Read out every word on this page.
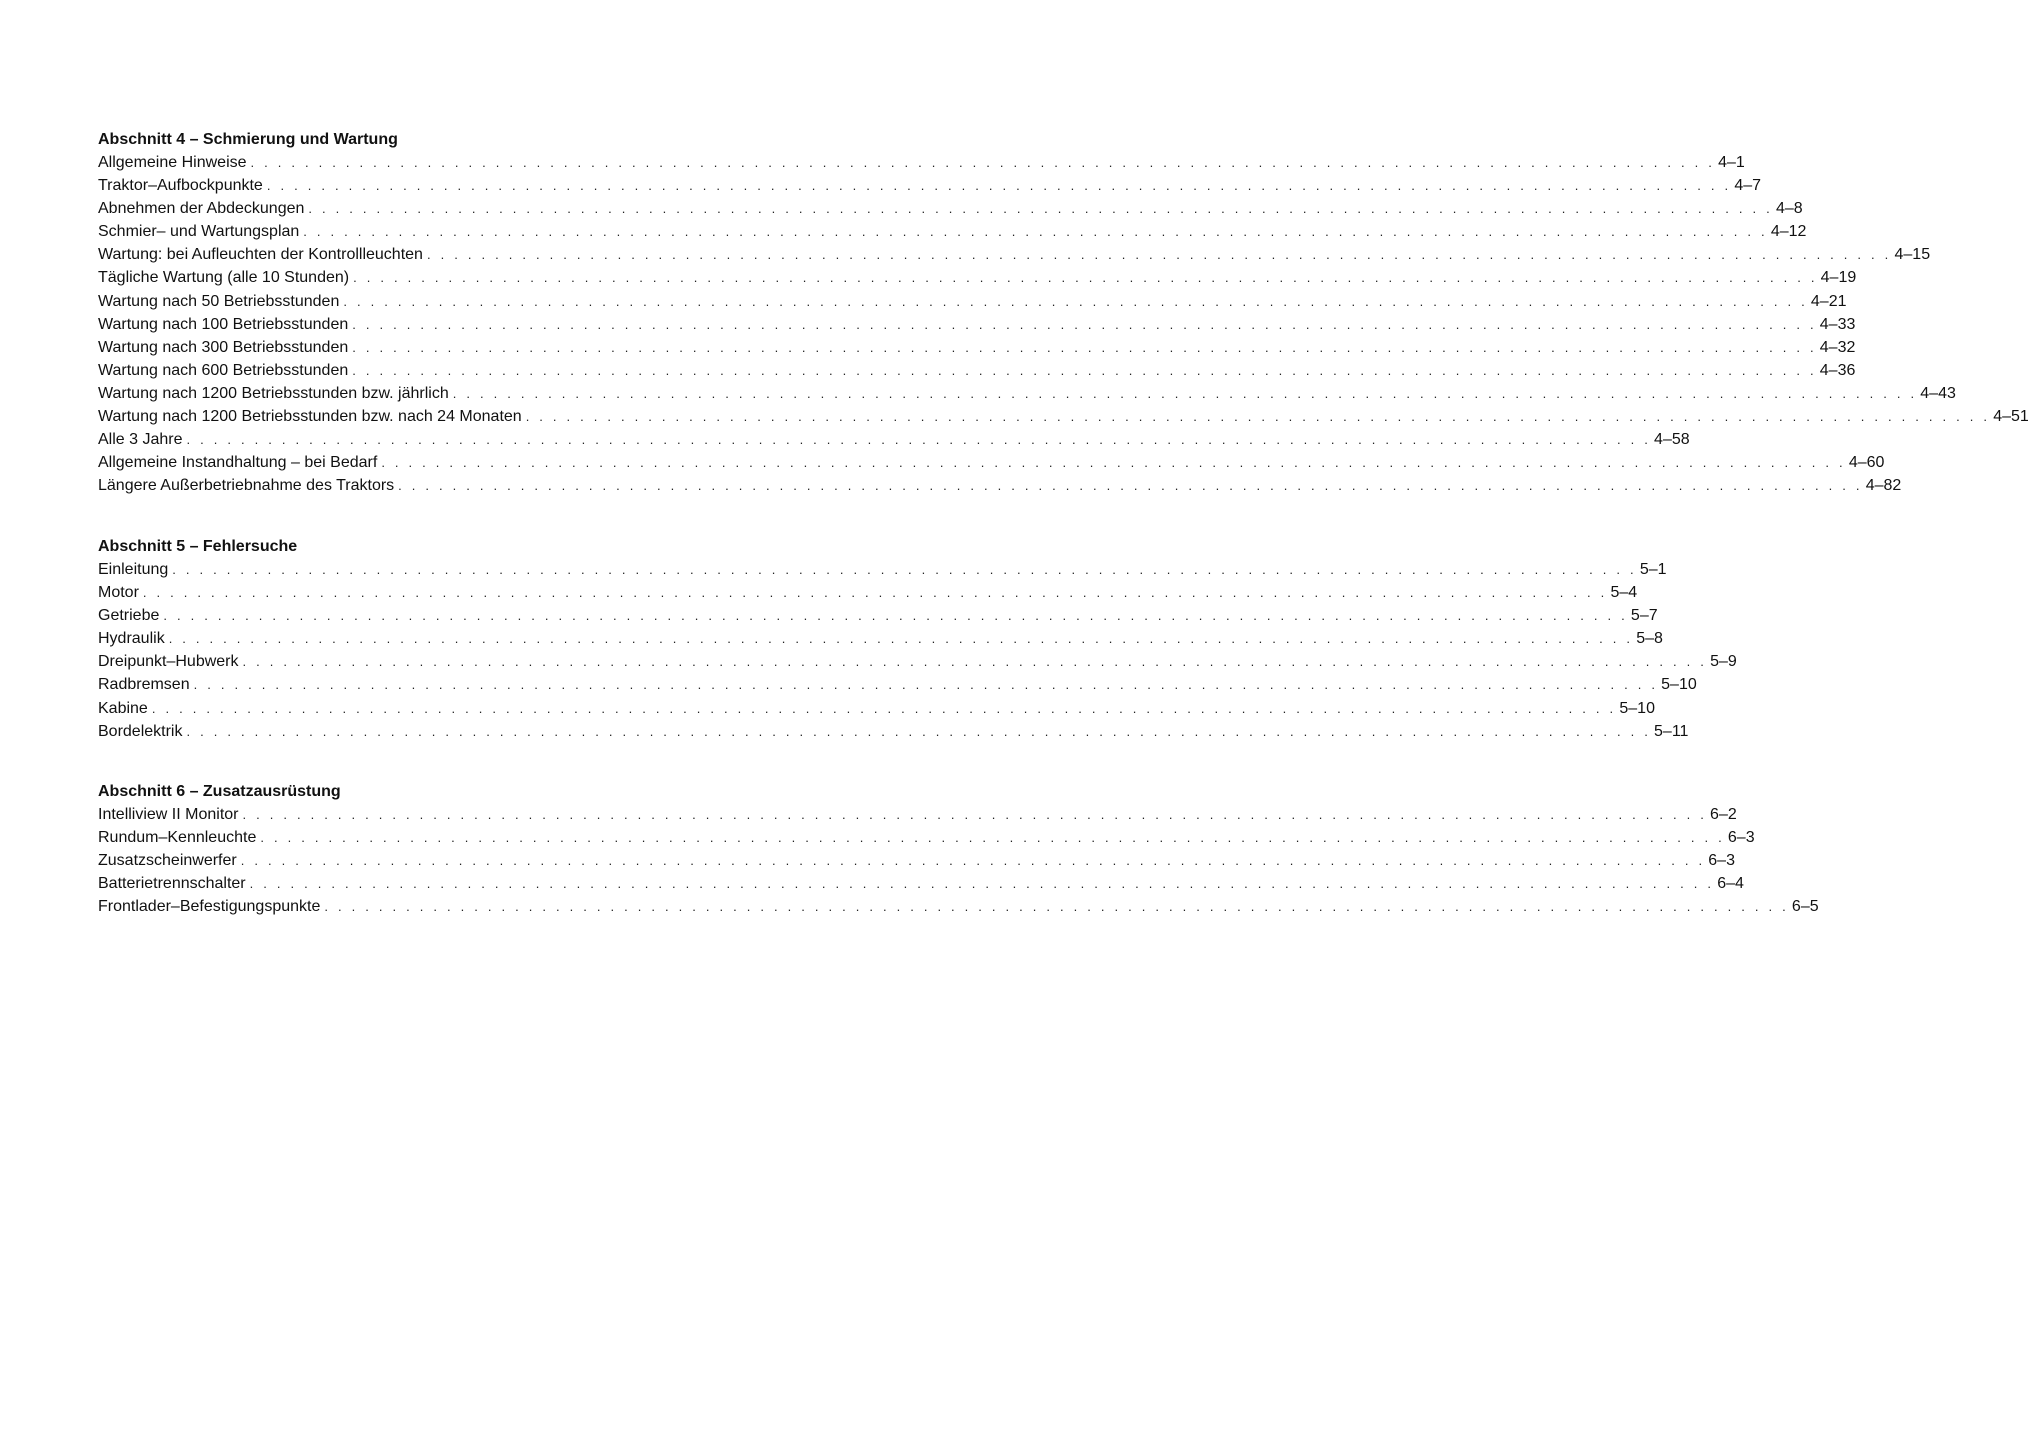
Abschnitt 4 – Schmierung und Wartung
Allgemeine Hinweise . . . . . . . . . . . . . . . . . . . . . . . . . . . . . . . . . . . . . . . . . . . . . . . . . . . . . . . . . . . . . . . . . . . . . . . . . . . . . . . . . . . . . . . . . . . . . . . . . . . . . . . . . . . . 4–1
Traktor–Aufbockpunkte . . . . . . . . . . . . . . . . . . . . . . . . . . . . . . . . . . . . . . . . . . . . . . . . . . . . . . . . . . . . . . . . . . . . . . . . . . . . . . . . . . . . . . . . . . . . . . . . . . . . . . . . . . . . 4–7
Abnehmen der Abdeckungen . . . . . . . . . . . . . . . . . . . . . . . . . . . . . . . . . . . . . . . . . . . . . . . . . . . . . . . . . . . . . . . . . . . . . . . . . . . . . . . . . . . . . . . . . . . . . . . . . . . . . . . . . . . . 4–8
Schmier– und Wartungsplan . . . . . . . . . . . . . . . . . . . . . . . . . . . . . . . . . . . . . . . . . . . . . . . . . . . . . . . . . . . . . . . . . . . . . . . . . . . . . . . . . . . . . . . . . . . . . . . . . . . . . . . . . . . . 4–12
Wartung: bei Aufleuchten der Kontrollleuchten . . . . . . . . . . . . . . . . . . . . . . . . . . . . . . . . . . . . . . . . . . . . . . . . . . . . . . . . . . . . . . . . . . . . . . . . . . . . . . . . . . . . . . . . . . . . . . . . . . . . . . . . . . . . 4–15
Tägliche Wartung (alle 10 Stunden) . . . . . . . . . . . . . . . . . . . . . . . . . . . . . . . . . . . . . . . . . . . . . . . . . . . . . . . . . . . . . . . . . . . . . . . . . . . . . . . . . . . . . . . . . . . . . . . . . . . . . . . . . . . . 4–19
Wartung nach 50 Betriebsstunden . . . . . . . . . . . . . . . . . . . . . . . . . . . . . . . . . . . . . . . . . . . . . . . . . . . . . . . . . . . . . . . . . . . . . . . . . . . . . . . . . . . . . . . . . . . . . . . . . . . . . . . . . . . . 4–21
Wartung nach 100 Betriebsstunden . . . . . . . . . . . . . . . . . . . . . . . . . . . . . . . . . . . . . . . . . . . . . . . . . . . . . . . . . . . . . . . . . . . . . . . . . . . . . . . . . . . . . . . . . . . . . . . . . . . . . . . . . . . . 4–33
Wartung nach 300 Betriebsstunden . . . . . . . . . . . . . . . . . . . . . . . . . . . . . . . . . . . . . . . . . . . . . . . . . . . . . . . . . . . . . . . . . . . . . . . . . . . . . . . . . . . . . . . . . . . . . . . . . . . . . . . . . . . . 4–32
Wartung nach 600 Betriebsstunden . . . . . . . . . . . . . . . . . . . . . . . . . . . . . . . . . . . . . . . . . . . . . . . . . . . . . . . . . . . . . . . . . . . . . . . . . . . . . . . . . . . . . . . . . . . . . . . . . . . . . . . . . . . . 4–36
Wartung nach 1200 Betriebsstunden bzw. jährlich . . . . . . . . . . . . . . . . . . . . . . . . . . . . . . . . . . . . . . . . . . . . . . . . . . . . . . . . . . . . . . . . . . . . . . . . . . . . . . . . . . . . . . . . . . . . . . . . . . . . . . . . . . . . 4–43
Wartung nach 1200 Betriebsstunden bzw. nach 24 Monaten . . . . . . . . . . . . . . . . . . . . . . . . . . . . . . . . . . . . . . . . . . . . . . . . . . . . . . . . . . . . . . . . . . . . . . . . . . . . . . . . . . . . . . . . . . . . . . . . . . . . . . . . . . . . 4–51
Alle 3 Jahre . . . . . . . . . . . . . . . . . . . . . . . . . . . . . . . . . . . . . . . . . . . . . . . . . . . . . . . . . . . . . . . . . . . . . . . . . . . . . . . . . . . . . . . . . . . . . . . . . . . . . . . . . . . . 4–58
Allgemeine Instandhaltung – bei Bedarf . . . . . . . . . . . . . . . . . . . . . . . . . . . . . . . . . . . . . . . . . . . . . . . . . . . . . . . . . . . . . . . . . . . . . . . . . . . . . . . . . . . . . . . . . . . . . . . . . . . . . . . . . . . . 4–60
Längere Außerbetriebnahme des Traktors . . . . . . . . . . . . . . . . . . . . . . . . . . . . . . . . . . . . . . . . . . . . . . . . . . . . . . . . . . . . . . . . . . . . . . . . . . . . . . . . . . . . . . . . . . . . . . . . . . . . . . . . . . . . 4–82
Abschnitt 5 – Fehlersuche
Einleitung . . . . . . . . . . . . . . . . . . . . . . . . . . . . . . . . . . . . . . . . . . . . . . . . . . . . . . . . . . . . . . . . . . . . . . . . . . . . . . . . . . . . . . . . . . . . . . . . . . . . . . . . . . . . 5–1
Motor . . . . . . . . . . . . . . . . . . . . . . . . . . . . . . . . . . . . . . . . . . . . . . . . . . . . . . . . . . . . . . . . . . . . . . . . . . . . . . . . . . . . . . . . . . . . . . . . . . . . . . . . . . . . 5–4
Getriebe . . . . . . . . . . . . . . . . . . . . . . . . . . . . . . . . . . . . . . . . . . . . . . . . . . . . . . . . . . . . . . . . . . . . . . . . . . . . . . . . . . . . . . . . . . . . . . . . . . . . . . . . . . . . 5–7
Hydraulik . . . . . . . . . . . . . . . . . . . . . . . . . . . . . . . . . . . . . . . . . . . . . . . . . . . . . . . . . . . . . . . . . . . . . . . . . . . . . . . . . . . . . . . . . . . . . . . . . . . . . . . . . . . . 5–8
Dreipunkt–Hubwerk . . . . . . . . . . . . . . . . . . . . . . . . . . . . . . . . . . . . . . . . . . . . . . . . . . . . . . . . . . . . . . . . . . . . . . . . . . . . . . . . . . . . . . . . . . . . . . . . . . . . . . . . . . . . 5–9
Radbremsen . . . . . . . . . . . . . . . . . . . . . . . . . . . . . . . . . . . . . . . . . . . . . . . . . . . . . . . . . . . . . . . . . . . . . . . . . . . . . . . . . . . . . . . . . . . . . . . . . . . . . . . . . . . . 5–10
Kabine . . . . . . . . . . . . . . . . . . . . . . . . . . . . . . . . . . . . . . . . . . . . . . . . . . . . . . . . . . . . . . . . . . . . . . . . . . . . . . . . . . . . . . . . . . . . . . . . . . . . . . . . . . . . 5–10
Bordelektrik . . . . . . . . . . . . . . . . . . . . . . . . . . . . . . . . . . . . . . . . . . . . . . . . . . . . . . . . . . . . . . . . . . . . . . . . . . . . . . . . . . . . . . . . . . . . . . . . . . . . . . . . . . . . 5–11
Abschnitt 6 – Zusatzausrüstung
Intelliview II Monitor . . . . . . . . . . . . . . . . . . . . . . . . . . . . . . . . . . . . . . . . . . . . . . . . . . . . . . . . . . . . . . . . . . . . . . . . . . . . . . . . . . . . . . . . . . . . . . . . . . . . . . . . . . . . 6–2
Rundum–Kennleuchte . . . . . . . . . . . . . . . . . . . . . . . . . . . . . . . . . . . . . . . . . . . . . . . . . . . . . . . . . . . . . . . . . . . . . . . . . . . . . . . . . . . . . . . . . . . . . . . . . . . . . . . . . . . . 6–3
Zusatzscheinwerfer . . . . . . . . . . . . . . . . . . . . . . . . . . . . . . . . . . . . . . . . . . . . . . . . . . . . . . . . . . . . . . . . . . . . . . . . . . . . . . . . . . . . . . . . . . . . . . . . . . . . . . . . . . . . 6–3
Batterietrennschalter . . . . . . . . . . . . . . . . . . . . . . . . . . . . . . . . . . . . . . . . . . . . . . . . . . . . . . . . . . . . . . . . . . . . . . . . . . . . . . . . . . . . . . . . . . . . . . . . . . . . . . . . . . . . 6–4
Frontlader–Befestigungspunkte . . . . . . . . . . . . . . . . . . . . . . . . . . . . . . . . . . . . . . . . . . . . . . . . . . . . . . . . . . . . . . . . . . . . . . . . . . . . . . . . . . . . . . . . . . . . . . . . . . . . . . . . . . . . 6–5
